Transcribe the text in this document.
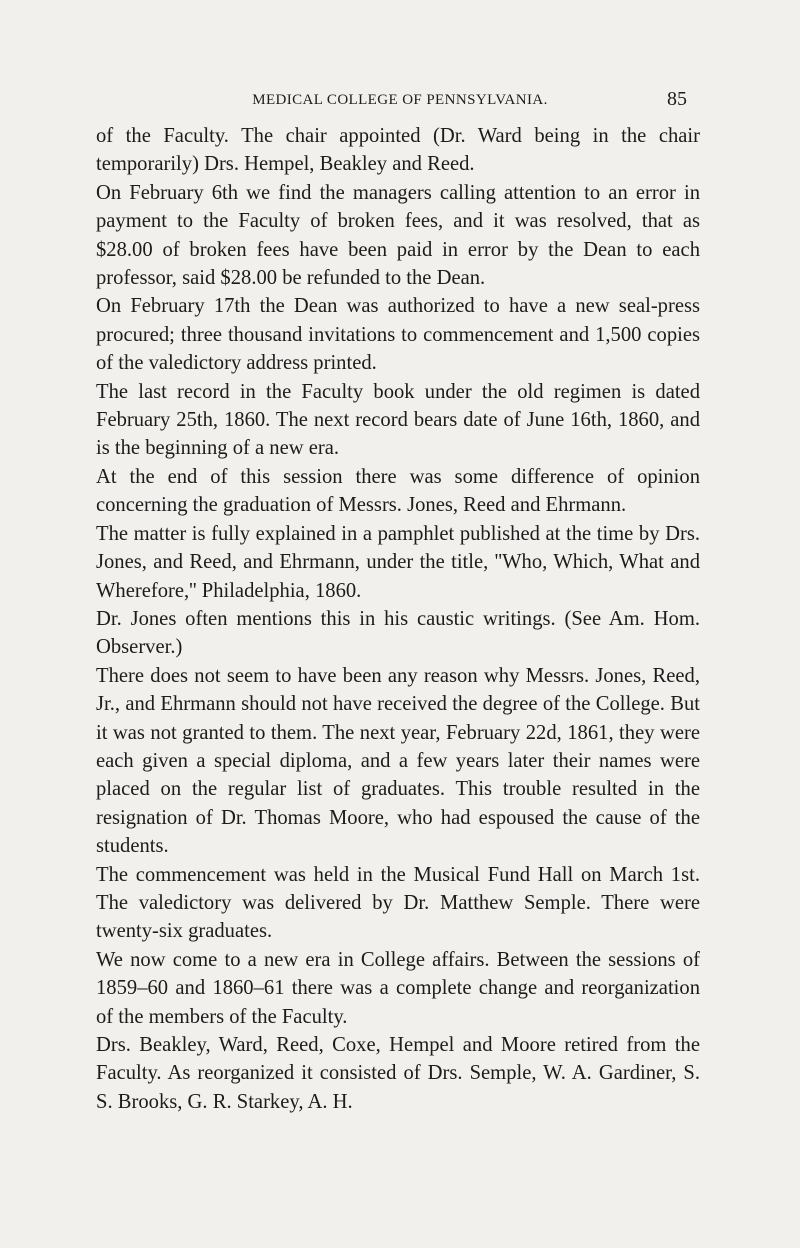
MEDICAL COLLEGE OF PENNSYLVANIA.	85

of the Faculty. The chair appointed (Dr. Ward being in the chair temporarily) Drs. Hempel, Beakley and Reed.

On February 6th we find the managers calling attention to an error in payment to the Faculty of broken fees, and it was resolved, that as $28.00 of broken fees have been paid in error by the Dean to each professor, said $28.00 be refunded to the Dean.

On February 17th the Dean was authorized to have a new seal-press procured; three thousand invitations to commencement and 1,500 copies of the valedictory address printed.

The last record in the Faculty book under the old regimen is dated February 25th, 1860. The next record bears date of June 16th, 1860, and is the beginning of a new era.

At the end of this session there was some difference of opinion concerning the graduation of Messrs. Jones, Reed and Ehrmann.

The matter is fully explained in a pamphlet published at the time by Drs. Jones, and Reed, and Ehrmann, under the title, ''Who, Which, What and Wherefore,'' Philadelphia, 1860.

Dr. Jones often mentions this in his caustic writings. (See Am. Hom. Observer.)

There does not seem to have been any reason why Messrs. Jones, Reed, Jr., and Ehrmann should not have received the degree of the College. But it was not granted to them. The next year, February 22d, 1861, they were each given a special diploma, and a few years later their names were placed on the regular list of graduates. This trouble resulted in the resignation of Dr. Thomas Moore, who had espoused the cause of the students.

The commencement was held in the Musical Fund Hall on March 1st. The valedictory was delivered by Dr. Matthew Semple. There were twenty-six graduates.

We now come to a new era in College affairs. Between the sessions of 1859–60 and 1860–61 there was a complete change and reorganization of the members of the Faculty.

Drs. Beakley, Ward, Reed, Coxe, Hempel and Moore retired from the Faculty. As reorganized it consisted of Drs. Semple, W. A. Gardiner, S. S. Brooks, G. R. Starkey, A. H.
